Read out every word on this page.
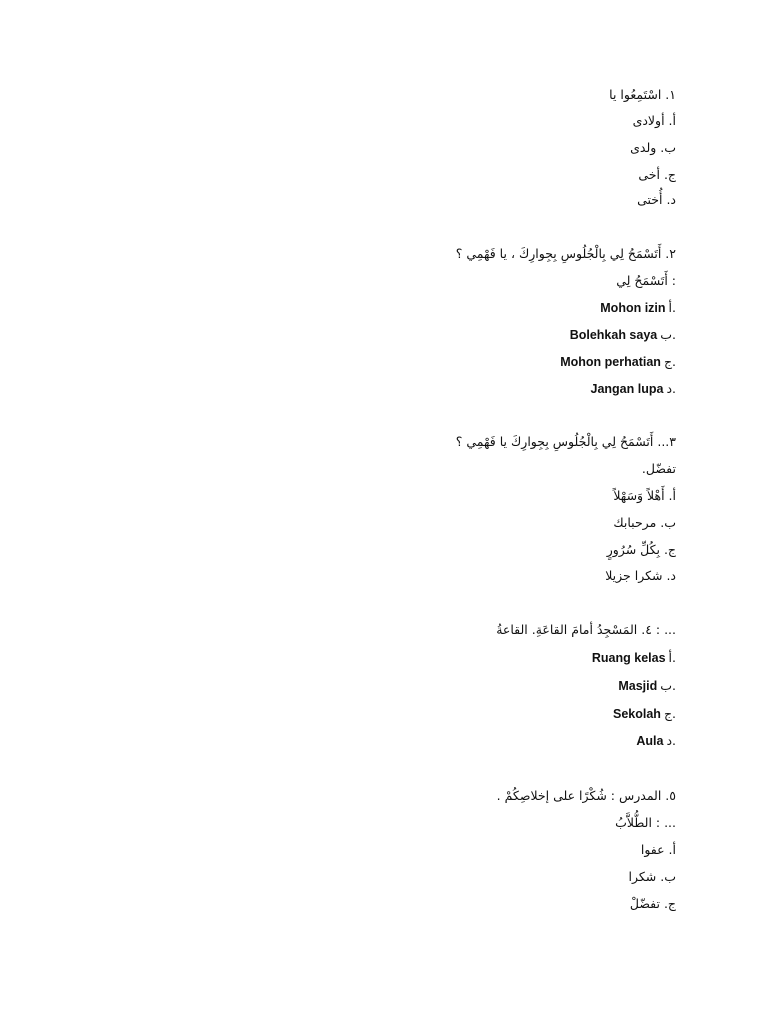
١. اسْتَمِعُوا يا
أ. أولادى
ب. ولدى
ج. أخى
د. أُختى
٢. أَتَسْمَحُ لِي بِالْجُلُوسِ بِجِوارِكَ ، يا فَهْمِي ؟
: أَتَسْمَحُ لِي
Mohon izin أ.
Bolehkah saya ب.
Mohon perhatian ج.
Jangan lupa د.
٣... أَتَسْمَحُ لِي بِالْجُلُوسِ بِجِوارِكَ يا فَهْمِي ؟
تفضّل.
أ. أَهْلاً وَسَهْلاً
ب. مرحبابك
ج. بِكُلِّ سُرُورٍ
د. شكرا جزيلا
... : ٤. المَسْجِدُ أمامَ القاعَةِ. القاعةُ
Ruang kelas أ.
Masjid ب.
Sekolah ج.
Aula د.
٥. المدرس : شُكْرًا على إخلاصِكُمْ .
... : الطُّلاَّبُ
أ. عفوا
ب. شكرا
ج. تفضّلْ
